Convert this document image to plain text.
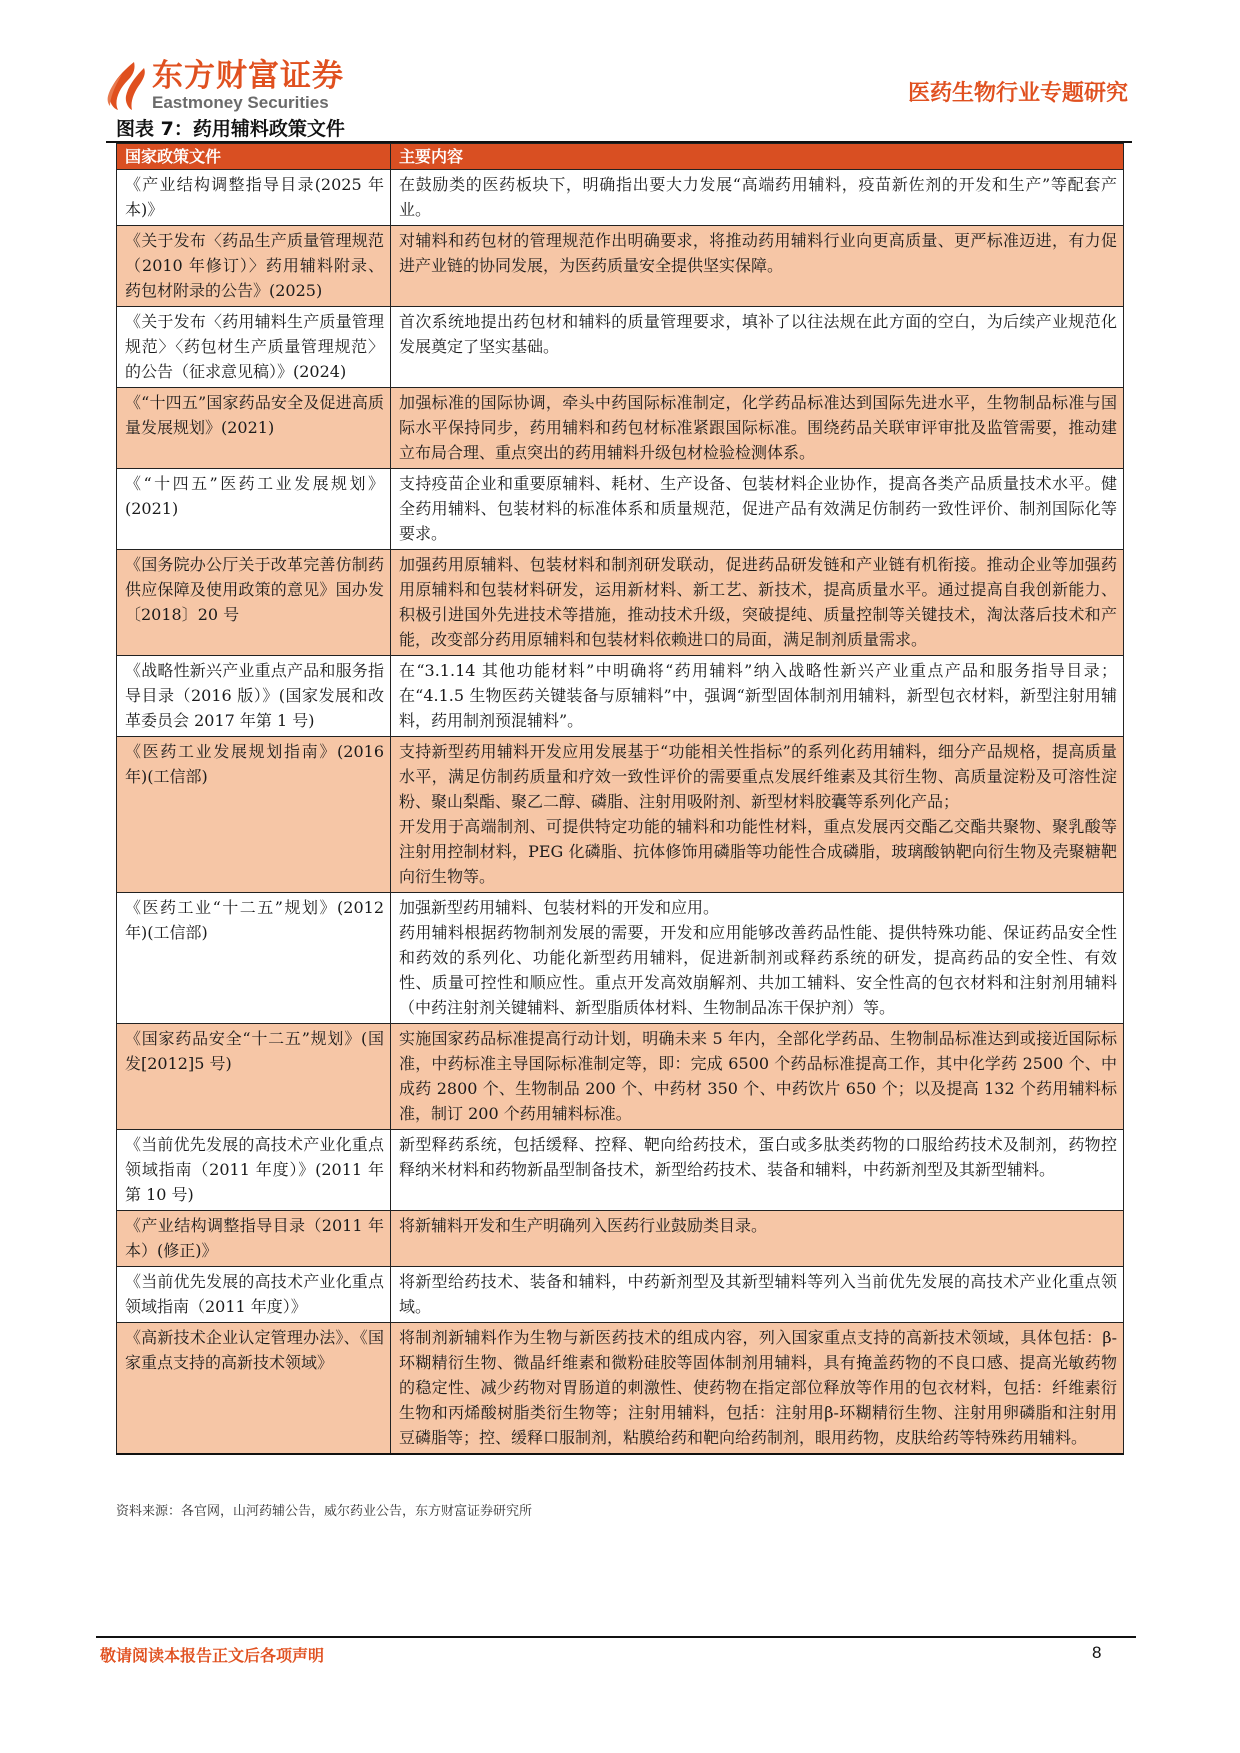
东方财富证券
Eastmoney Securities	医药生物行业专题研究
图表 7：药用辅料政策文件
国家政策文件	主要内容
《产业结构调整指导目录(2025 年本)》	在鼓励类的医药板块下，明确指出要大力发展“高端药用辅料，疫苗新佐剂的开发和生产”等配套产业。

《关于发布〈药品生产质量管理规范（2010 年修订）〉药用辅料附录、药包材附录的公告》(2025)	对辅料和药包材的管理规范作出明确要求，将推动药用辅料行业向更高质量、更严标准迈进，有力促进产业链的协同发展，为医药质量安全提供坚实保障。

《关于发布〈药用辅料生产质量管理规范〉〈药包材生产质量管理规范〉的公告（征求意见稿）》(2024)	首次系统地提出药包材和辅料的质量管理要求，填补了以往法规在此方面的空白，为后续产业规范化发展奠定了坚实基础。

《“十四五”国家药品安全及促进高质量发展规划》(2021)	加强标准的国际协调，牵头中药国际标准制定，化学药品标准达到国际先进水平，生物制品标准与国际水平保持同步，药用辅料和药包材标准紧跟国际标准。围绕药品关联审评审批及监管需要，推动建立布局合理、重点突出的药用辅料升级包材检验检测体系。

《“十四五”医药工业发展规划》(2021)	支持疫苗企业和重要原辅料、耗材、生产设备、包装材料企业协作，提高各类产品质量技术水平。健全药用辅料、包装材料的标准体系和质量规范，促进产品有效满足仿制药一致性评价、制剂国际化等要求。

《国务院办公厅关于改革完善仿制药供应保障及使用政策的意见》国办发〔2018〕20 号	加强药用原辅料、包装材料和制剂研发联动，促进药品研发链和产业链有机衔接。推动企业等加强药用原辅料和包装材料研发，运用新材料、新工艺、新技术，提高质量水平。通过提高自我创新能力、积极引进国外先进技术等措施，推动技术升级，突破提纯、质量控制等关键技术，淘汰落后技术和产能，改变部分药用原辅料和包装材料依赖进口的局面，满足制剂质量需求。

《战略性新兴产业重点产品和服务指导目录（2016 版）》(国家发展和改革委员会 2017 年第 1 号)	在“3.1.14 其他功能材料”中明确将“药用辅料”纳入战略性新兴产业重点产品和服务指导目录；在“4.1.5 生物医药关键装备与原辅料”中，强调“新型固体制剂用辅料，新型包衣材料，新型注射用辅料，药用制剂预混辅料”。

《医药工业发展规划指南》(2016 年)(工信部)	支持新型药用辅料开发应用发展基于“功能相关性指标”的系列化药用辅料，细分产品规格，提高质量水平，满足仿制药质量和疗效一致性评价的需要重点发展纤维素及其衍生物、高质量淀粉及可溶性淀粉、聚山梨酯、聚乙二醇、磷脂、注射用吸附剂、新型材料胶囊等系列化产品；
开发用于高端制剂、可提供特定功能的辅料和功能性材料，重点发展丙交酯乙交酯共聚物、聚乳酸等注射用控制材料，PEG 化磷脂、抗体修饰用磷脂等功能性合成磷脂，玻璃酸钠靶向衍生物及壳聚糖靶向衍生物等。

《医药工业“十二五”规划》(2012 年)(工信部)	加强新型药用辅料、包装材料的开发和应用。
药用辅料根据药物制剂发展的需要，开发和应用能够改善药品性能、提供特殊功能、保证药品安全性和药效的系列化、功能化新型药用辅料，促进新制剂或释药系统的研发，提高药品的安全性、有效性、质量可控性和顺应性。重点开发高效崩解剂、共加工辅料、安全性高的包衣材料和注射剂用辅料（中药注射剂关键辅料、新型脂质体材料、生物制品冻干保护剂）等。

《国家药品安全“十二五”规划》(国发[2012]5 号)	实施国家药品标准提高行动计划，明确未来 5 年内，全部化学药品、生物制品标准达到或接近国际标准，中药标准主导国际标准制定等，即：完成 6500 个药品标准提高工作，其中化学药 2500 个、中成药 2800 个、生物制品 200 个、中药材 350 个、中药饮片 650 个；以及提高 132 个药用辅料标准，制订 200 个药用辅料标准。

《当前优先发展的高技术产业化重点领域指南（2011 年度）》(2011 年第 10 号)	新型释药系统，包括缓释、控释、靶向给药技术，蛋白或多肽类药物的口服给药技术及制剂，药物控释纳米材料和药物新晶型制备技术，新型给药技术、装备和辅料，中药新剂型及其新型辅料。

《产业结构调整指导目录（2011 年本）(修正)》	将新辅料开发和生产明确列入医药行业鼓励类目录。

《当前优先发展的高技术产业化重点领域指南（2011 年度）》	将新型给药技术、装备和辅料，中药新剂型及其新型辅料等列入当前优先发展的高技术产业化重点领域。

《高新技术企业认定管理办法》、《国家重点支持的高新技术领域》	将制剂新辅料作为生物与新医药技术的组成内容，列入国家重点支持的高新技术领域，具体包括：β-环糊精衍生物、微晶纤维素和微粉硅胶等固体制剂用辅料，具有掩盖药物的不良口感、提高光敏药物的稳定性、减少药物对胃肠道的刺激性、使药物在指定部位释放等作用的包衣材料，包括：纤维素衍生物和丙烯酸树脂类衍生物等；注射用辅料，包括：注射用β-环糊精衍生物、注射用卵磷脂和注射用豆磷脂等；控、缓释口服制剂，粘膜给药和靶向给药制剂，眼用药物，皮肤给药等特殊药用辅料。
资料来源：各官网，山河药辅公告，威尔药业公告，东方财富证券研究所
敬请阅读本报告正文后各项声明	8
